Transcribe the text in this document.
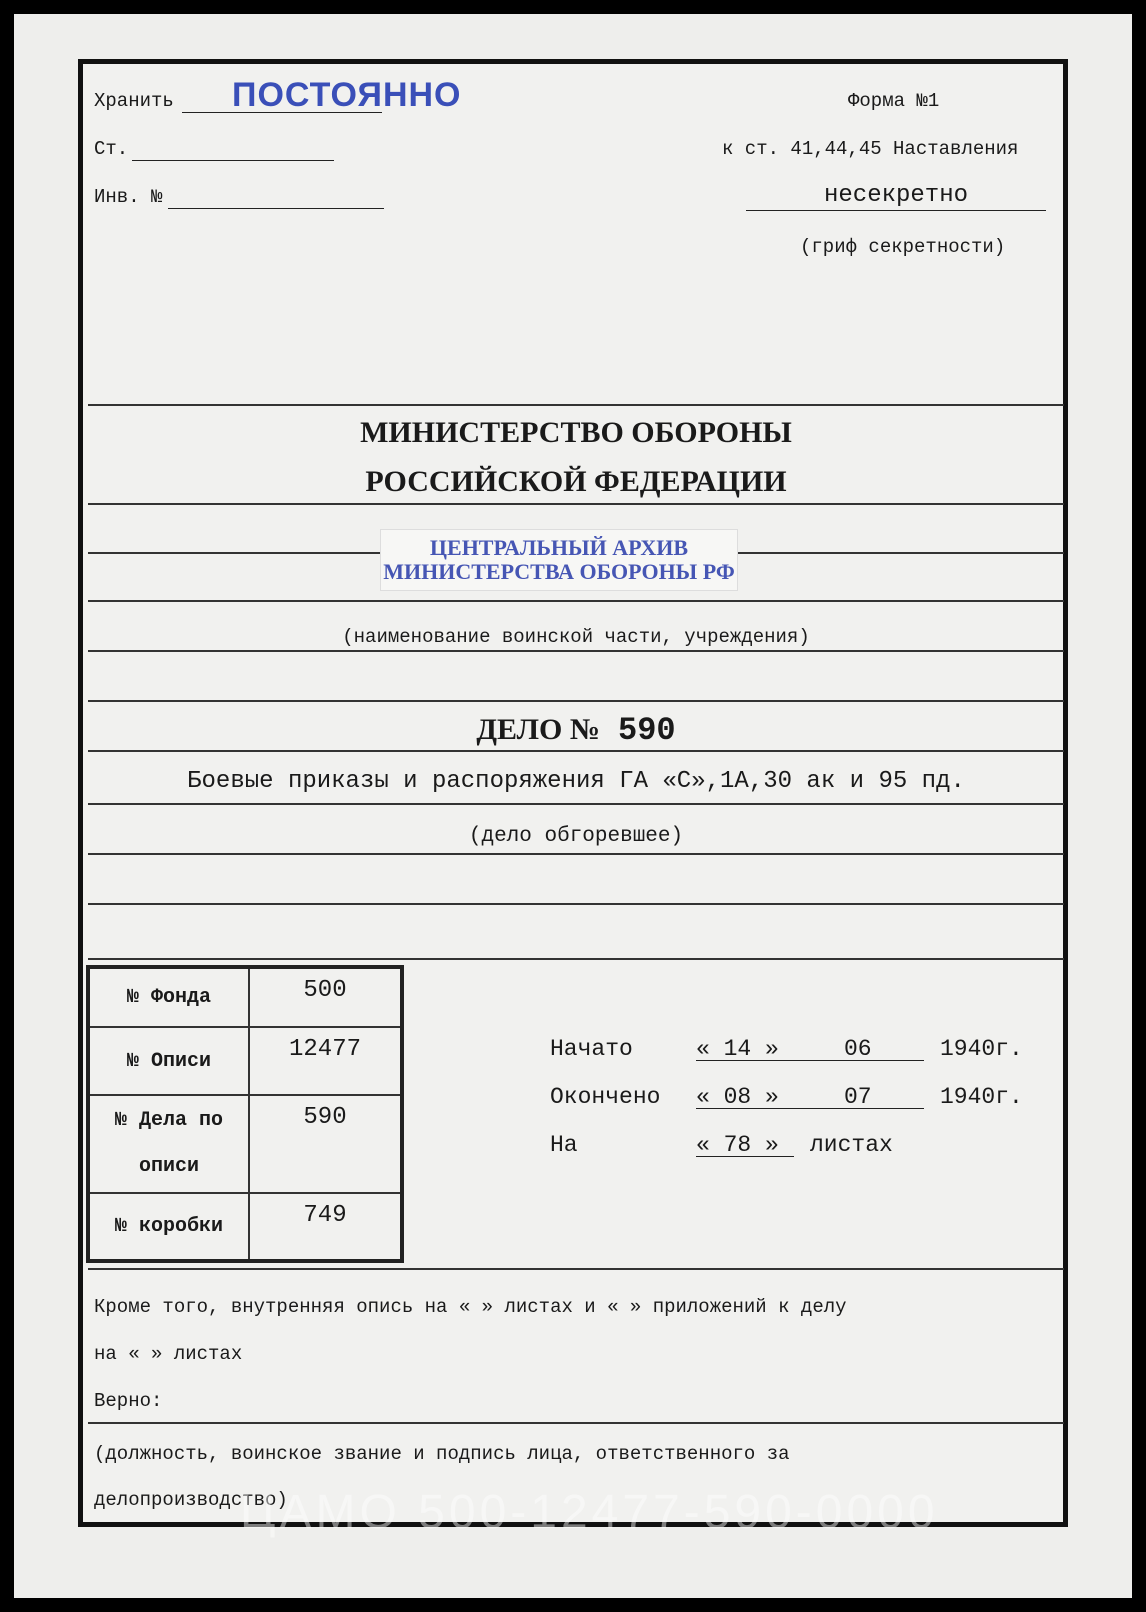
Хранить ПОСТОЯННО	Форма №1
Ст.	к ст. 41,44,45 Наставления
Инв. №	несекретно
(гриф секретности)
МИНИСТЕРСТВО ОБОРОНЫ
РОССИЙСКОЙ ФЕДЕРАЦИИ
ЦЕНТРАЛЬНЫЙ АРХИВ
МИНИСТЕРСТВА ОБОРОНЫ РФ
(наименование воинской части, учреждения)
ДЕЛО № 590
Боевые приказы и распоряжения ГА «С»,1А,30 ак и 95 пд.
(дело обгоревшее)
№ Фонда	500
№ Описи	12477
№ Дела по описи	590
№ коробки	749
Начато	« 14 »	06	1940г.
Окончено « 08 »	07	1940г.
На	« 78 » листах
Кроме того, внутренняя опись на « » листах и « » приложений к делу
на « » листах
Верно:
(должность, воинское звание и подпись лица, ответственного за
делопроизводство)
ЦАМО 500-12477-590-0000
